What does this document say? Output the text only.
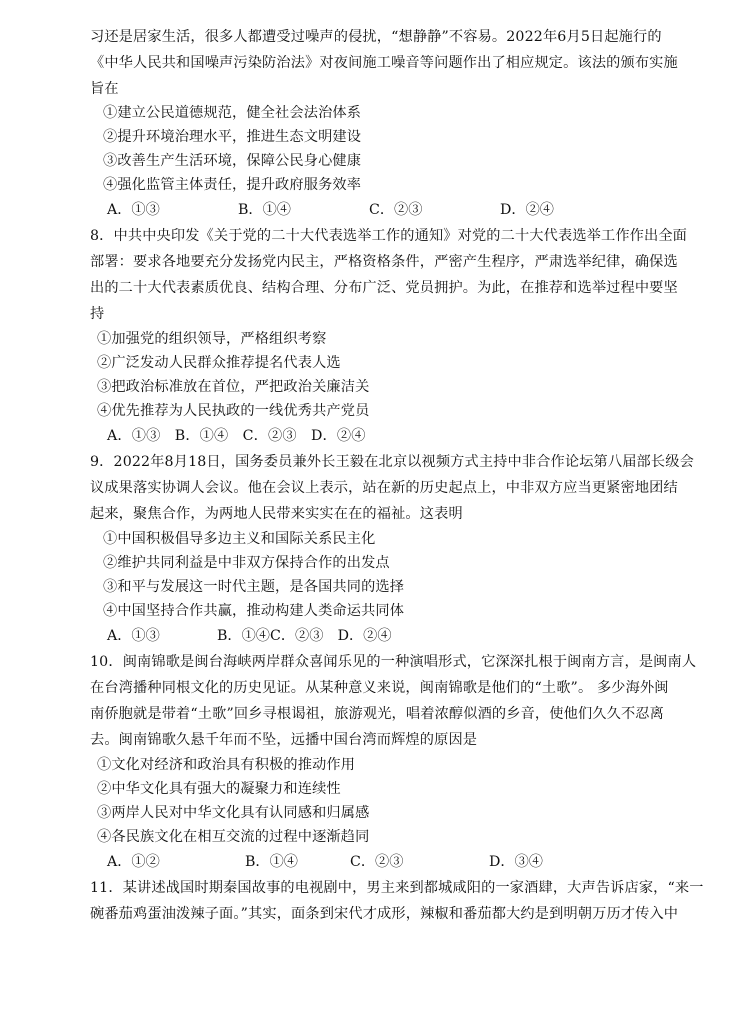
习还是居家生活，很多人都遭受过噪声的侵扰，“想静静”不容易。2022年6月5日起施行的
《中华人民共和国噪声污染防治法》对夜间施工噪音等问题作出了相应规定。该法的颁布实施
旨在
①建立公民道德规范，健全社会法治体系
②提升环境治理水平，推进生态文明建设
③改善生产生活环境，保障公民身心健康
④强化监管主体责任，提升政府服务效率
A．①③	B．①④	C．②③	D．②④
8．中共中央印发《关于党的二十大代表选举工作的通知》对党的二十大代表选举工作作出全面
部署：要求各地要充分发扬党内民主，严格资格条件，严密产生程序，严肃选举纪律，确保选
出的二十大代表素质优良、结构合理、分布广泛、党员拥护。为此，在推荐和选举过程中要坚
持
①加强党的组织领导，严格组织考察
②广泛发动人民群众推荐提名代表人选
③把政治标准放在首位，严把政治关廉洁关
④优先推荐为人民执政的一线优秀共产党员
A．①③　B．①④　C．②③　D．②④
9．2022年8月18日，国务委员兼外长王毅在北京以视频方式主持中非合作论坛第八届部长级会
议成果落实协调人会议。他在会议上表示，站在新的历史起点上，中非双方应当更紧密地团结
起来，聚焦合作，为两地人民带来实实在在的福祉。这表明
①中国积极倡导多边主义和国际关系民主化
②维护共同利益是中非双方保持合作的出发点
③和平与发展这一时代主题，是各国共同的选择
④中国坚持合作共赢，推动构建人类命运共同体
A．①③	B．①④C．②③　D．②④
10．闽南锦歌是闽台海峡两岸群众喜闻乐见的一种演唱形式，它深深扎根于闽南方言，是闽南人
在台湾播种同根文化的历史见证。从某种意义来说，闽南锦歌是他们的“土歌”。 多少海外闽
南侨胞就是带着“土歌”回乡寻根谒祖，旅游观光，唱着浓醇似酒的乡音，使他们久久不忍离
去。闽南锦歌久悬千年而不坠，远播中国台湾而辉煌的原因是
①文化对经济和政治具有积极的推动作用
②中华文化具有强大的凝聚力和连续性
③两岸人民对中华文化具有认同感和归属感
④各民族文化在相互交流的过程中逐渐趋同
A．①②	B．①④	C．②③	D．③④
11．某讲述战国时期秦国故事的电视剧中，男主来到都城咸阳的一家酒肆，大声告诉店家，“来一
碗番茄鸡蛋油泼辣子面。”其实，面条到宋代才成形，辣椒和番茄都大约是到明朝万历才传入中
